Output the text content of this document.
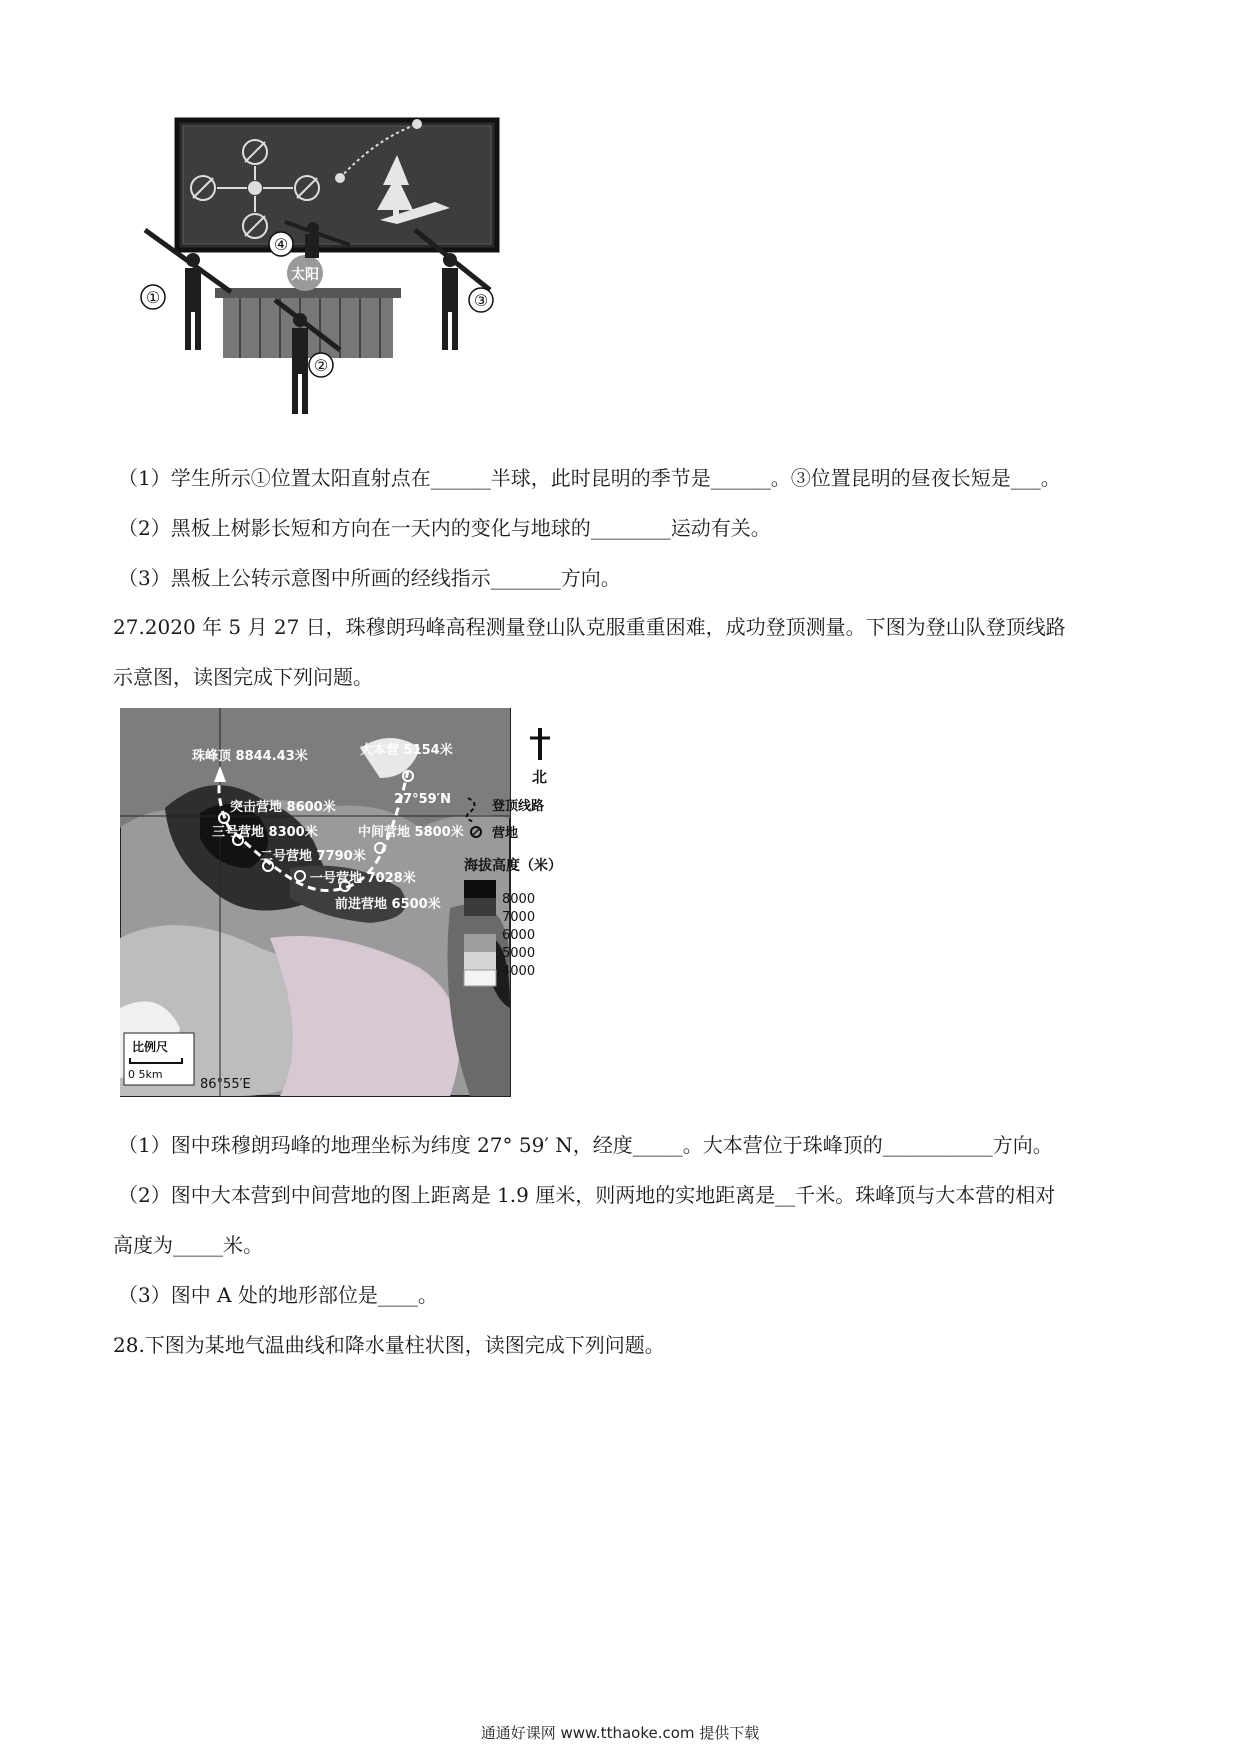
太阳
①
②
③
④
（1）学生所示①位置太阳直射点在______半球，此时昆明的季节是______。③位置昆明的昼夜长短是___。
（2）黑板上树影长短和方向在一天内的变化与地球的________运动有关。
（3）黑板上公转示意图中所画的经线指示_______方向。
27.2020 年 5 月 27 日，珠穆朗玛峰高程测量登山队克服重重困难，成功登顶测量。下图为登山队登顶线路
示意图，读图完成下列问题。
珠峰顶 8844.43米	大本营 5154米
27°59′N
突击营地 8600米
三号营地 8300米	中间营地 5800米
二号营地 7790米
一号营地 7028米
前进营地 6500米
86°55′E
比例尺
0 5km
北
登顶线路
营地
海拔高度（米）
8000
7000
6000
5000
4000
（1）图中珠穆朗玛峰的地理坐标为纬度 27° 59′ N，经度_____。大本营位于珠峰顶的___________方向。
（2）图中大本营到中间营地的图上距离是 1.9 厘米，则两地的实地距离是__千米。珠峰顶与大本营的相对
高度为_____米。
（3）图中 A 处的地形部位是____。
28.下图为某地气温曲线和降水量柱状图，读图完成下列问题。
通通好课网 www.tthaoke.com 提供下载
